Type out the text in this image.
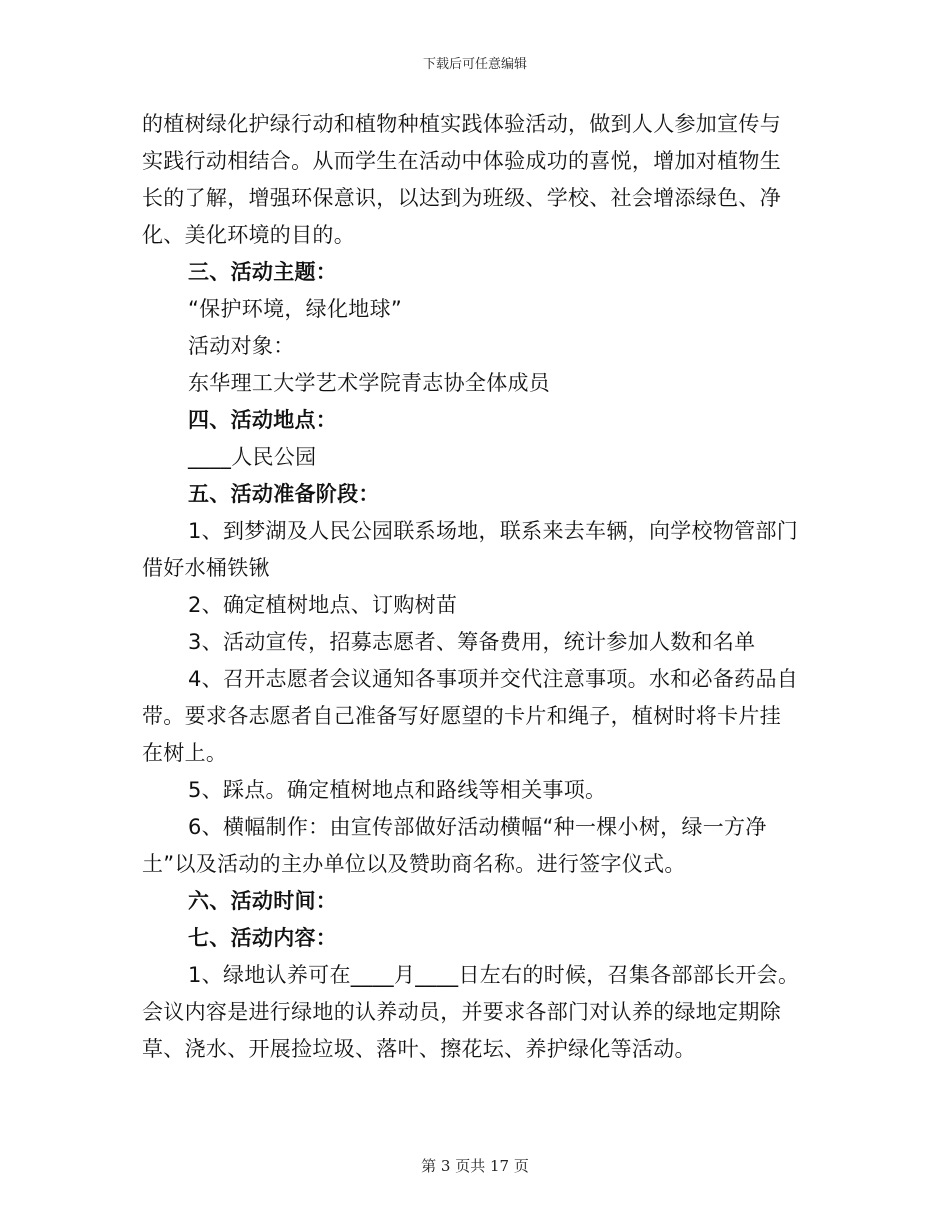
下载后可任意编辑
的植树绿化护绿行动和植物种植实践体验活动，做到人人参加宣传与
实践行动相结合。从而学生在活动中体验成功的喜悦，增加对植物生
长的了解，增强环保意识，以达到为班级、学校、社会增添绿色、净
化、美化环境的目的。
三、活动主题：
“保护环境，绿化地球”
活动对象：
东华理工大学艺术学院青志协全体成员
四、活动地点：
____人民公园
五、活动准备阶段：
1、到梦湖及人民公园联系场地，联系来去车辆，向学校物管部门
借好水桶铁锹
2、确定植树地点、订购树苗
3、活动宣传，招募志愿者、筹备费用，统计参加人数和名单
4、召开志愿者会议通知各事项并交代注意事项。水和必备药品自
带。要求各志愿者自己准备写好愿望的卡片和绳子，植树时将卡片挂
在树上。
5、踩点。确定植树地点和路线等相关事项。
6、横幅制作：由宣传部做好活动横幅“种一棵小树，绿一方净
土”以及活动的主办单位以及赞助商名称。进行签字仪式。
六、活动时间：
七、活动内容：
1、绿地认养可在____月____日左右的时候，召集各部部长开会。
会议内容是进行绿地的认养动员，并要求各部门对认养的绿地定期除
草、浇水、开展捡垃圾、落叶、擦花坛、养护绿化等活动。
第 3 页共 17 页
